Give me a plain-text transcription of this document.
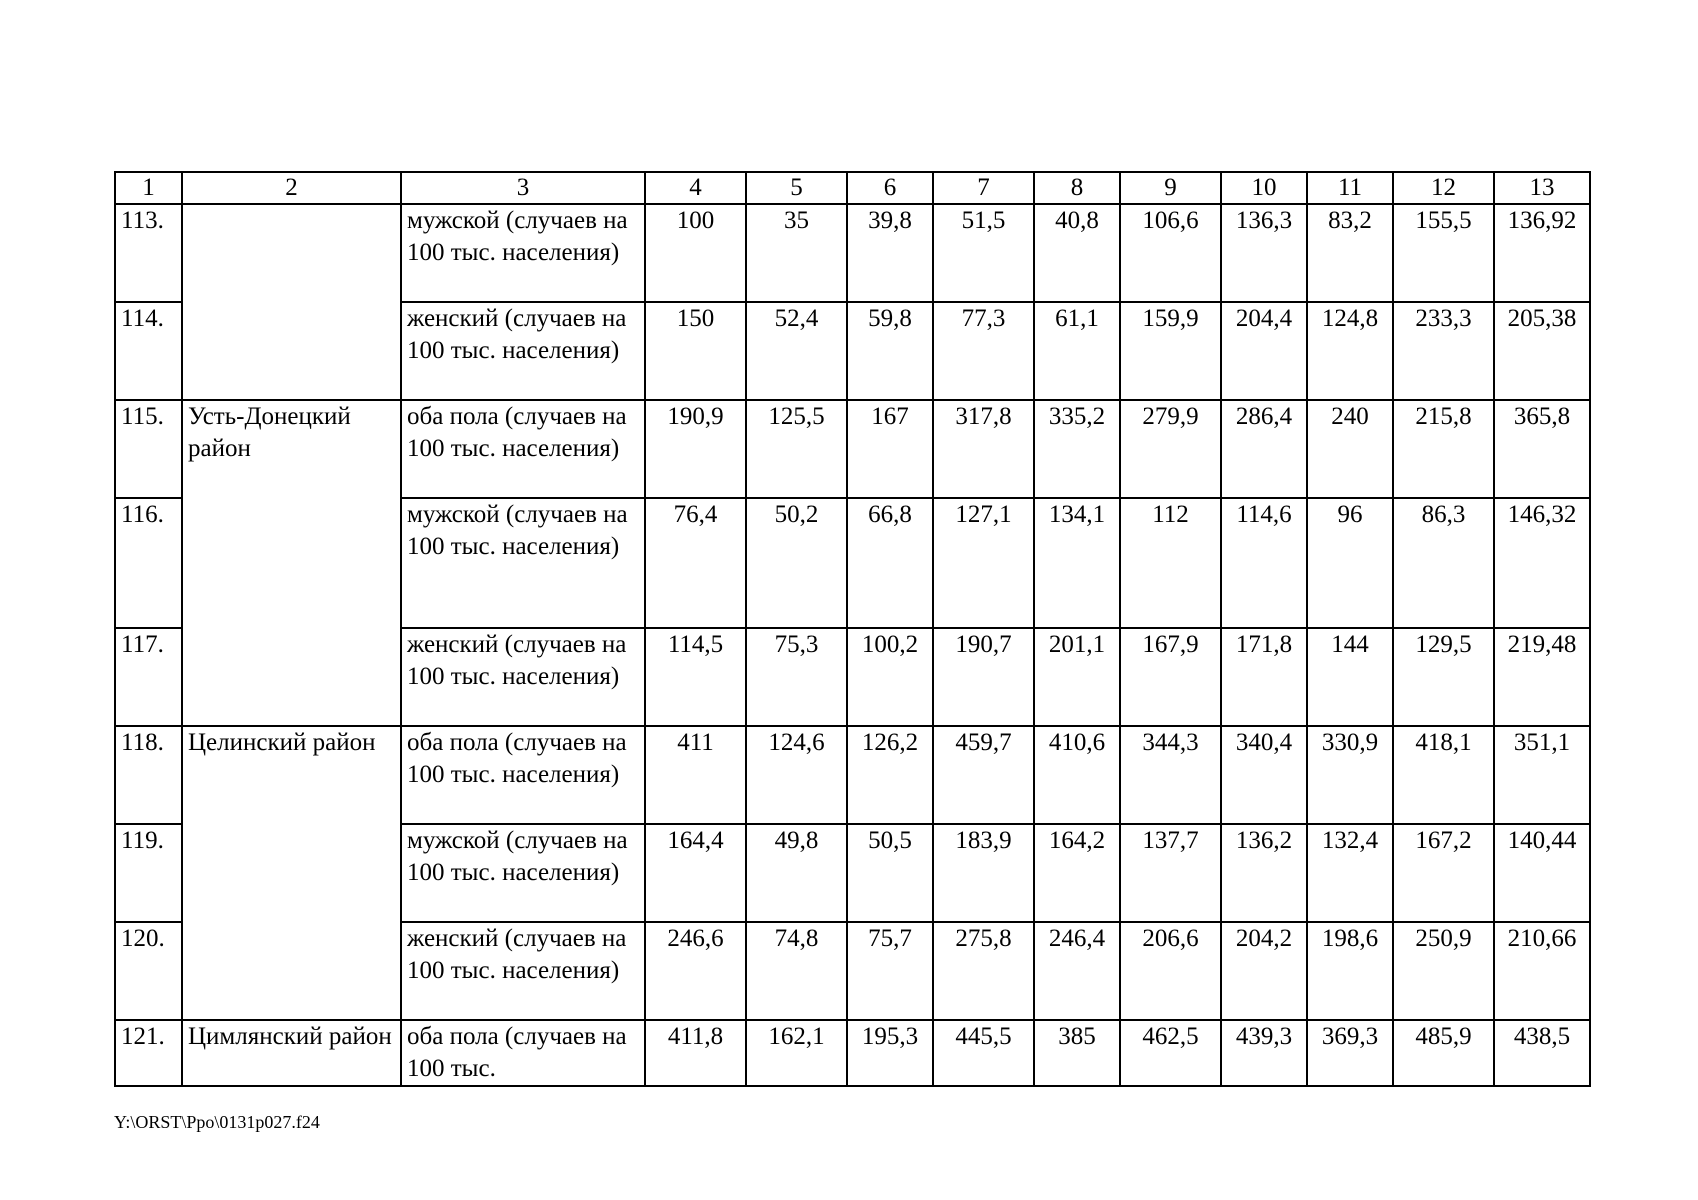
1	2	3	4	5	6	7	8	9	10	11	12	13
113.		мужской (случаев на 100 тыс. населения)	100	35	39,8	51,5	40,8	106,6	136,3	83,2	155,5	136,92
114.		женский (случаев на 100 тыс. населения)	150	52,4	59,8	77,3	61,1	159,9	204,4	124,8	233,3	205,38
115.	Усть-Донецкий район	оба пола (случаев на 100 тыс. населения)	190,9	125,5	167	317,8	335,2	279,9	286,4	240	215,8	365,8
116.		мужской (случаев на 100 тыс. населения)	76,4	50,2	66,8	127,1	134,1	112	114,6	96	86,3	146,32
117.		женский (случаев на 100 тыс. населения)	114,5	75,3	100,2	190,7	201,1	167,9	171,8	144	129,5	219,48
118.	Целинский район	оба пола (случаев на 100 тыс. населения)	411	124,6	126,2	459,7	410,6	344,3	340,4	330,9	418,1	351,1
119.		мужской (случаев на 100 тыс. населения)	164,4	49,8	50,5	183,9	164,2	137,7	136,2	132,4	167,2	140,44
120.		женский (случаев на 100 тыс. населения)	246,6	74,8	75,7	275,8	246,4	206,6	204,2	198,6	250,9	210,66
121.	Цимлянский район	оба пола (случаев на 100 тыс.	411,8	162,1	195,3	445,5	385	462,5	439,3	369,3	485,9	438,5
Y:\ORST\Ppo\0131p027.f24
